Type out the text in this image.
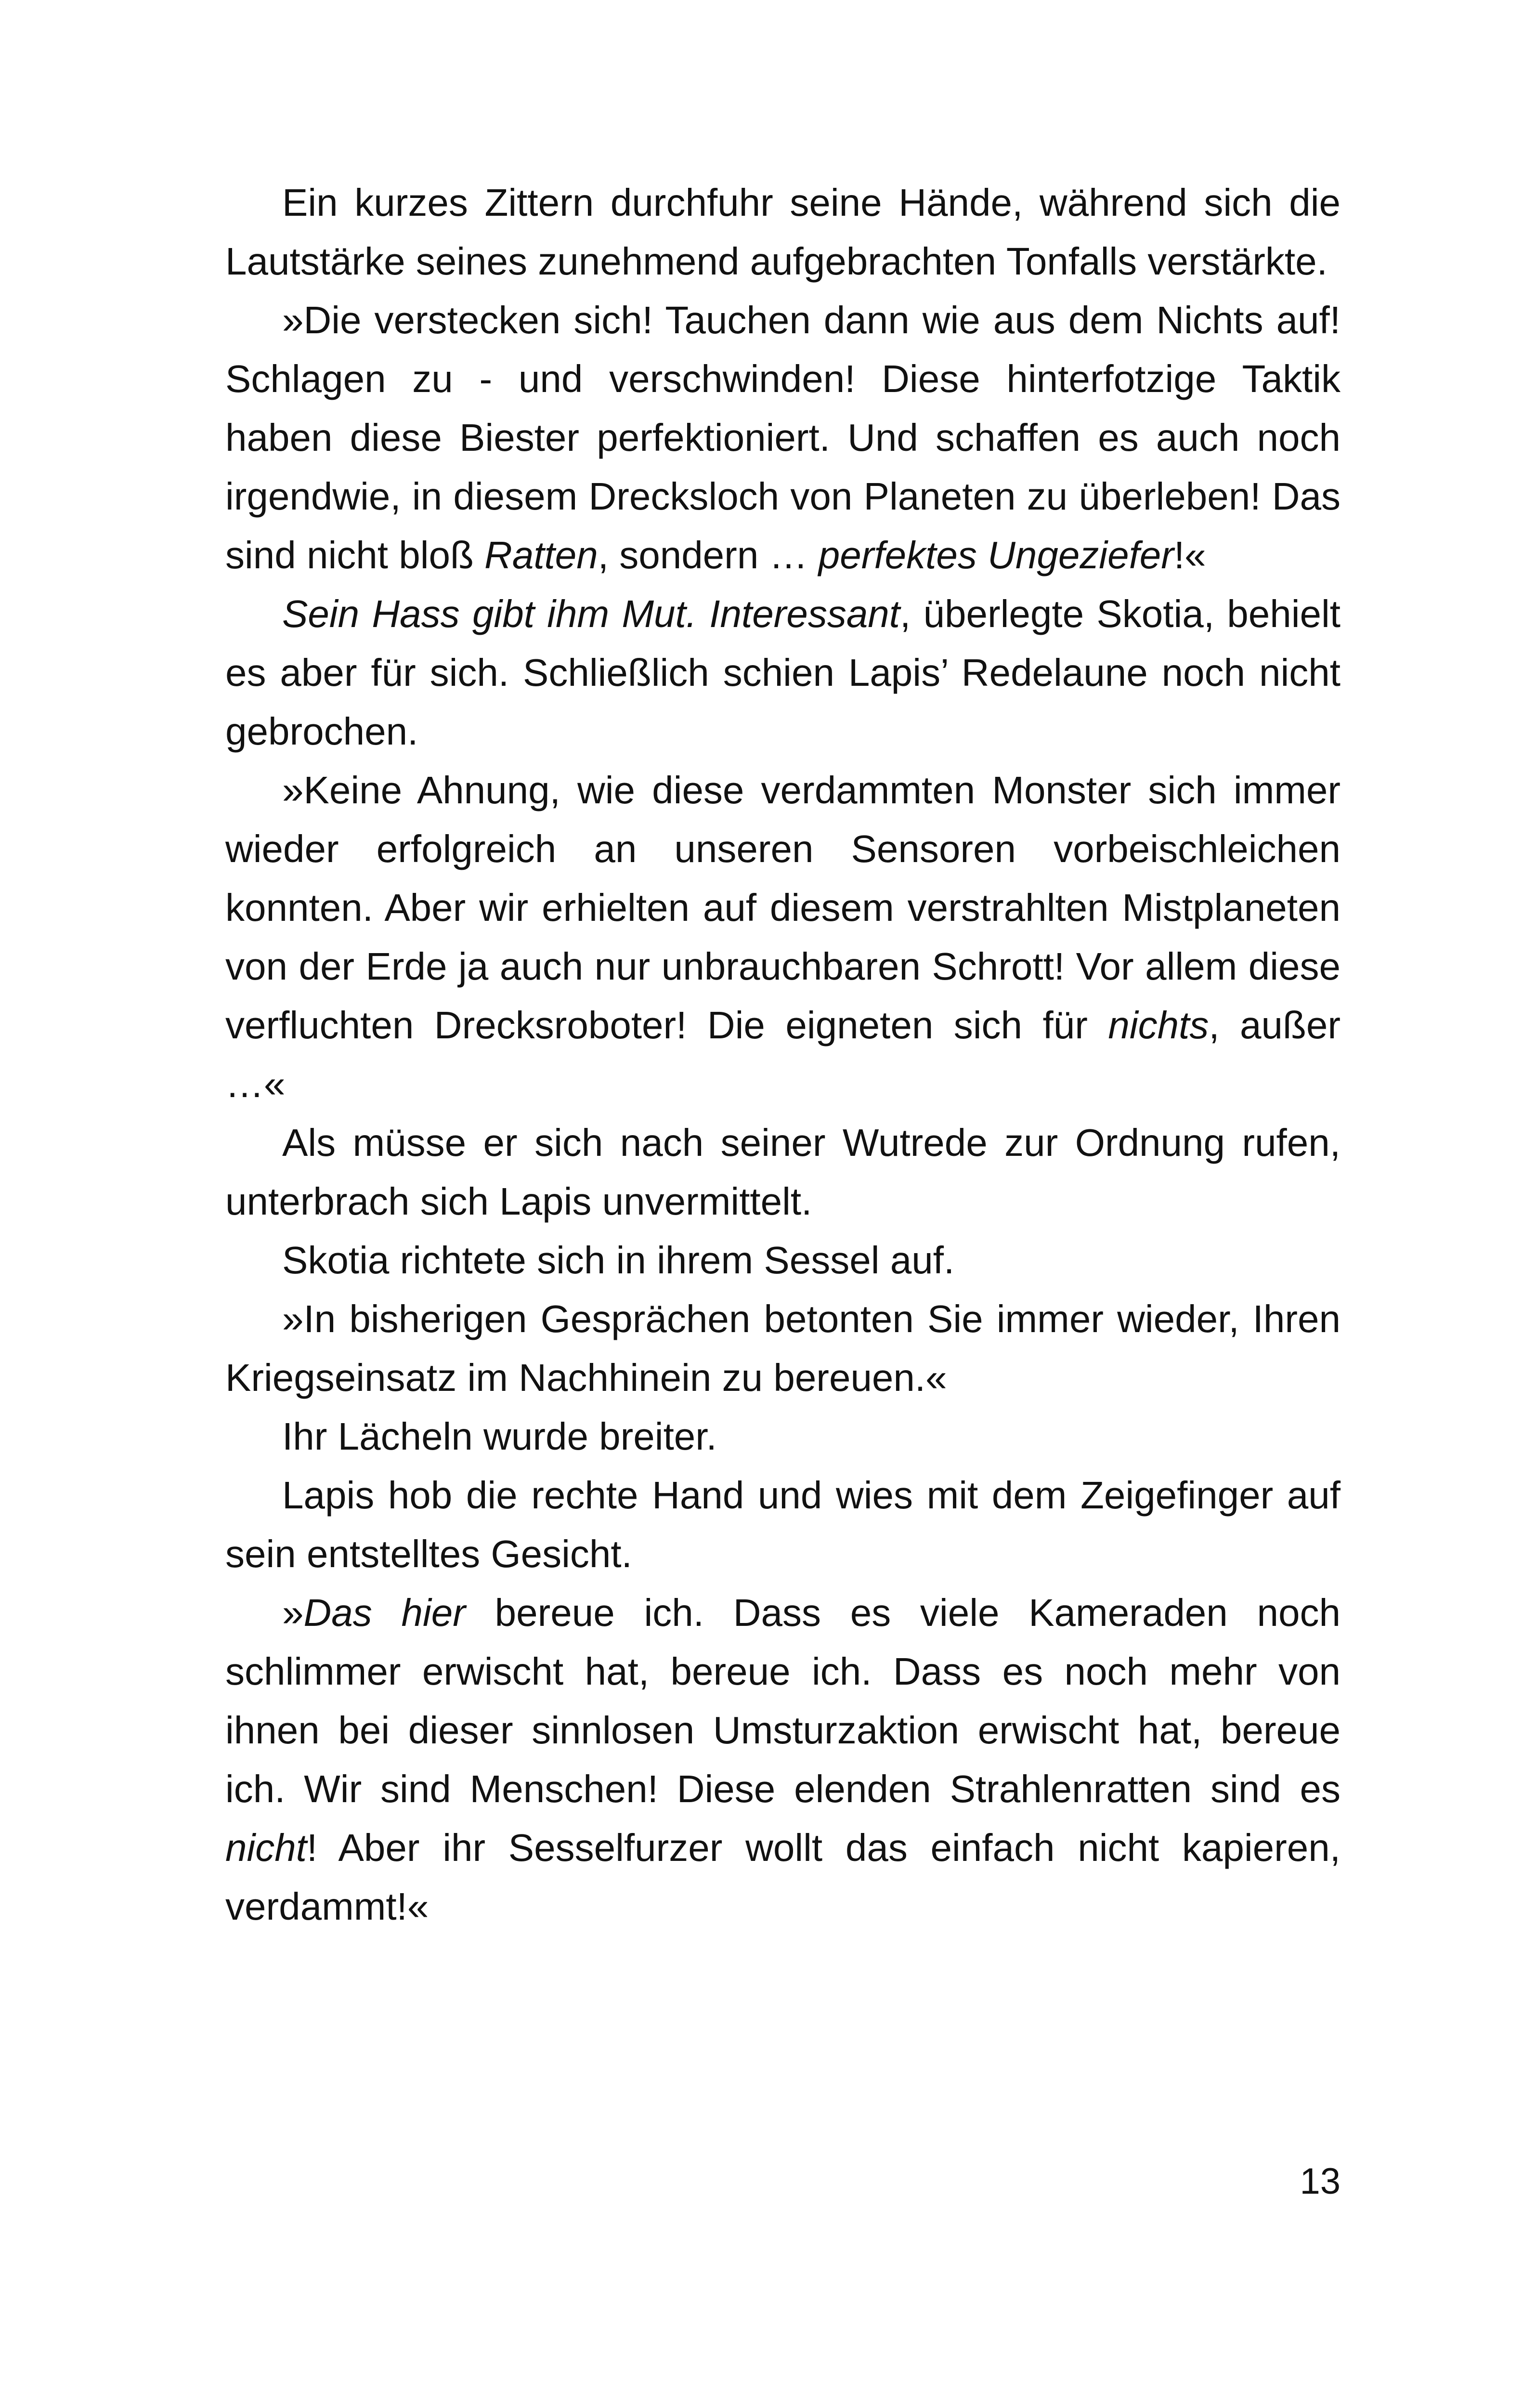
Ein kurzes Zittern durchfuhr seine Hände, während sich die Lautstärke seines zunehmend aufgebrachten Tonfalls verstärkte.

»Die verstecken sich! Tauchen dann wie aus dem Nichts auf! Schlagen zu - und verschwinden! Diese hinterfotzige Taktik haben diese Biester perfektioniert. Und schaffen es auch noch irgendwie, in diesem Drecksloch von Planeten zu überleben! Das sind nicht bloß Ratten, sondern … perfektes Ungeziefer!«

Sein Hass gibt ihm Mut. Interessant, überlegte Skotia, behielt es aber für sich. Schließlich schien Lapis’ Redelaune noch nicht gebrochen.

»Keine Ahnung, wie diese verdammten Monster sich immer wieder erfolgreich an unseren Sensoren vorbeischleichen konnten. Aber wir erhielten auf diesem verstrahlten Mistplaneten von der Erde ja auch nur unbrauchbaren Schrott! Vor allem diese verfluchten Drecksroboter! Die eigneten sich für nichts, außer …«

Als müsse er sich nach seiner Wutrede zur Ordnung rufen, unterbrach sich Lapis unvermittelt.

Skotia richtete sich in ihrem Sessel auf.

»In bisherigen Gesprächen betonten Sie immer wieder, Ihren Kriegseinsatz im Nachhinein zu bereuen.«

Ihr Lächeln wurde breiter.

Lapis hob die rechte Hand und wies mit dem Zeigefinger auf sein entstelltes Gesicht.

»Das hier bereue ich. Dass es viele Kameraden noch schlimmer erwischt hat, bereue ich. Dass es noch mehr von ihnen bei dieser sinnlosen Umsturzaktion erwischt hat, bereue ich. Wir sind Menschen! Diese elenden Strahlenratten sind es nicht! Aber ihr Sesselfurzer wollt das einfach nicht kapieren, verdammt!«

13
